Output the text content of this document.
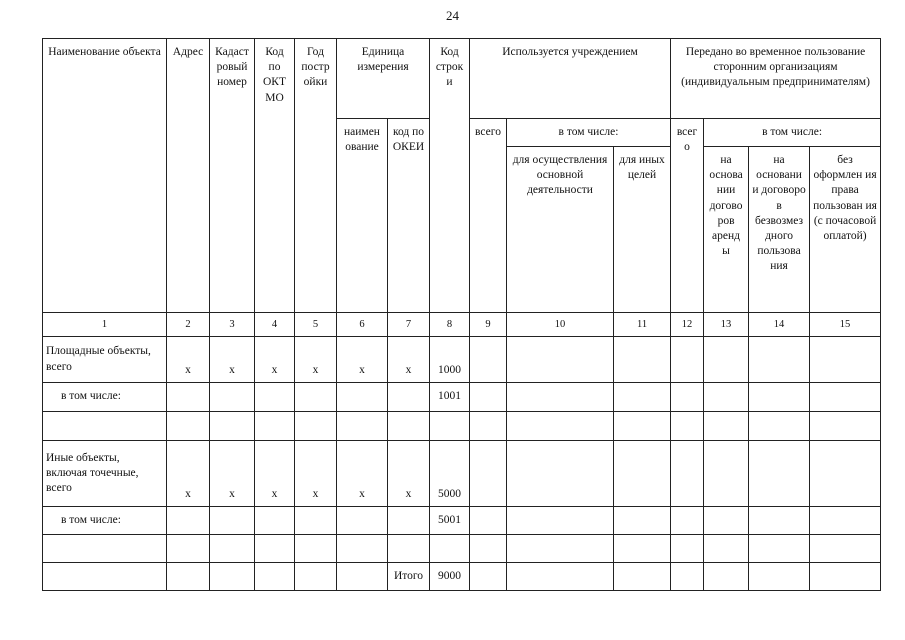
24
Наименование объекта	Адрес	Кадаст ровый номер	Код по ОКТ МО	Год постр ойки	Единица измерения		Код строк и	Используется учреждением			Передано во временное пользование сторонним организациям (индивидуальным предпринимателям)			
					наимен ование	код по ОКЕИ		всего	в том числе:		всег о	в том числе:		
									для осуществления основной деятельности	для иных целей		на основа нии догово ров аренд ы	на основани и договоро в безвозмез дного пользова ния	без оформлен ия права пользован ия (с почасовой оплатой)
1	2	3	4	5	6	7	8	9	10	11	12	13	14	15
Площадные объекты, всего	х	х	х	х	х	х	1000							
в том числе:							1001							

Иные объекты, включая точечные, всего	х	х	х	х	х	х	5000							
в том числе:							5001							

						Итого	9000							
